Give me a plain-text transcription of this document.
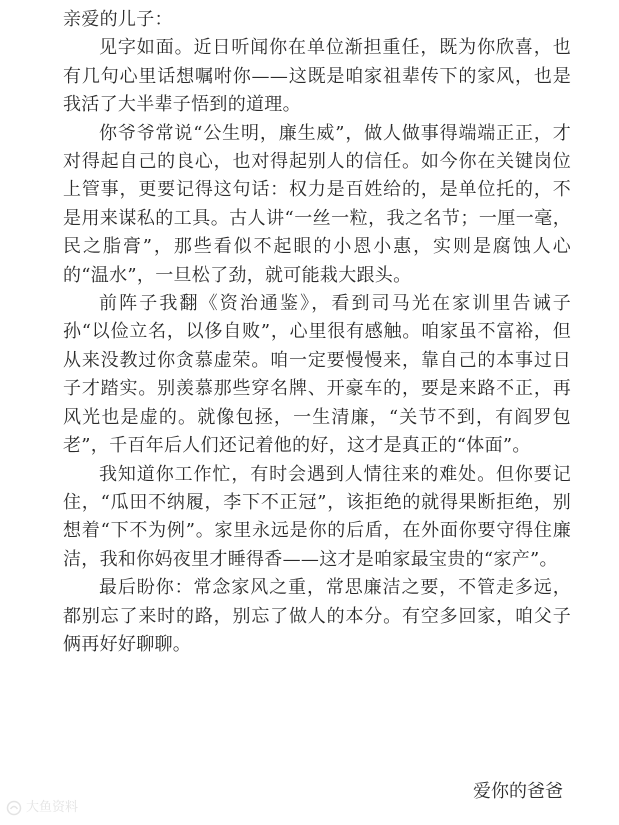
亲爱的儿子：

见字如面。近日听闻你在单位渐担重任，既为你欣喜，也有几句心里话想嘱咐你——这既是咱家祖辈传下的家风，也是我活了大半辈子悟到的道理。

你爷爷常说“公生明，廉生威”，做人做事得端端正正，才对得起自己的良心，也对得起别人的信任。如今你在关键岗位上管事，更要记得这句话：权力是百姓给的，是单位托的，不是用来谋私的工具。古人讲“一丝一粒，我之名节；一厘一毫，民之脂膏”，那些看似不起眼的小恩小惠，实则是腐蚀人心的“温水”，一旦松了劲，就可能栽大跟头。

前阵子我翻《资治通鉴》，看到司马光在家训里告诫子孙“以俭立名，以侈自败”，心里很有感触。咱家虽不富裕，但从来没教过你贪慕虚荣。咱一定要慢慢来，靠自己的本事过日子才踏实。别羡慕那些穿名牌、开豪车的，要是来路不正，再风光也是虚的。就像包拯，一生清廉，“关节不到，有阎罗包老”，千百年后人们还记着他的好，这才是真正的“体面”。

我知道你工作忙，有时会遇到人情往来的难处。但你要记住，“瓜田不纳履，李下不正冠”，该拒绝的就得果断拒绝，别想着“下不为例”。家里永远是你的后盾，在外面你要守得住廉洁，我和你妈夜里才睡得香——这才是咱家最宝贵的“家产”。

最后盼你：常念家风之重，常思廉洁之要，不管走多远，都别忘了来时的路，别忘了做人的本分。有空多回家，咱父子俩再好好聊聊。

爱你的爸爸
大鱼资料
